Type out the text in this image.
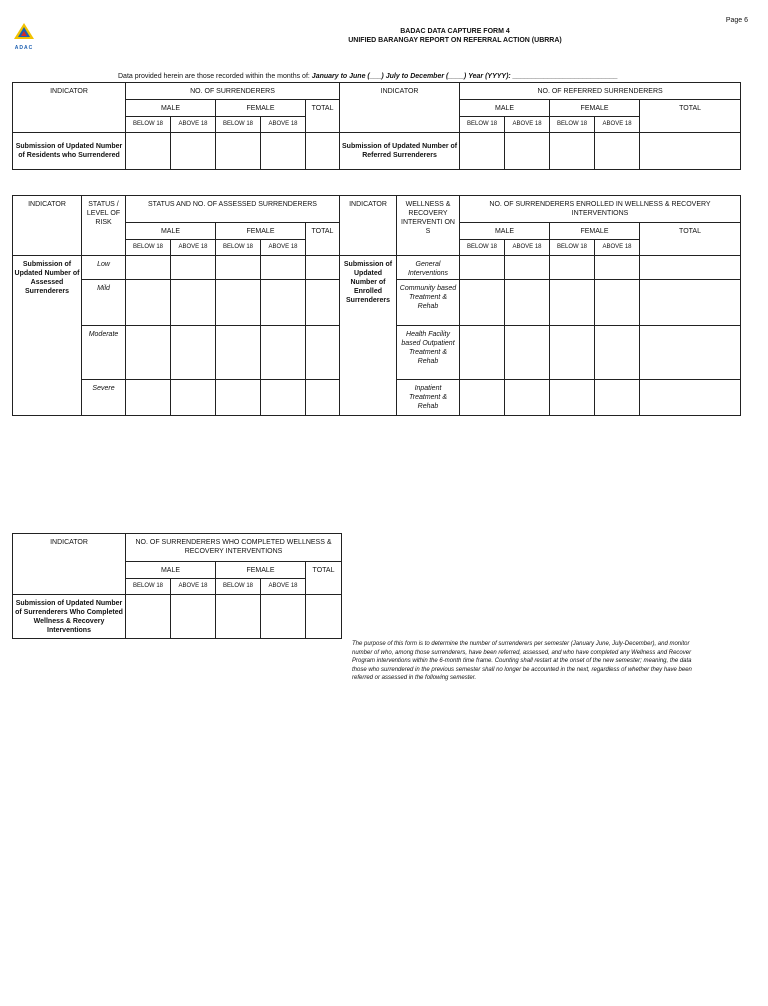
Page 6
ADAC
BADAC DATA CAPTURE FORM 4
UNIFIED BARANGAY REPORT ON REFERRAL ACTION (UBRRA)
Data provided herein are those recorded within the months of: January to June (___) July to December (____) Year (YYYY): ___________________________
INDICATOR	NO. OF SURRENDERERS					INDICATOR	NO. OF REFERRED SURRENDERERS				
	MALE		FEMALE		TOTAL		MALE		FEMALE		TOTAL
	BELOW 18	ABOVE 18	BELOW 18	ABOVE 18			BELOW 18	ABOVE 18	BELOW 18	ABOVE 18	
Submission of Updated Number of Residents who Surrendered						Submission of Updated Number of Referred Surrenderers					
INDICATOR	STATUS / LEVEL OF RISK	STATUS AND NO. OF ASSESSED SURRENDERERS					INDICATOR	WELLNESS & RECOVERY INTERVENTI ON S	NO. OF SURRENDERERS ENROLLED IN WELLNESS & RECOVERY INTERVENTIONS				
		MALE		FEMALE		TOTAL			MALE		FEMALE		TOTAL
		BELOW 18	ABOVE 18	BELOW 18	ABOVE 18				BELOW 18	ABOVE 18	BELOW 18	ABOVE 18	
Submission of Updated Number of Assessed Surrenderers	Low						Submission of Updated Number of Enrolled Surrenderers	General Interventions					
	Mild							Community based Treatment & Rehab					
	Moderate							Health Facility based Outpatient Treatment & Rehab					
	Severe							Inpatient Treatment & Rehab					
INDICATOR	NO. OF SURRENDERERS WHO COMPLETED WELLNESS & RECOVERY INTERVENTIONS				
	MALE		FEMALE		TOTAL
	BELOW 18	ABOVE 18	BELOW 18	ABOVE 18	
Submission of Updated Number of Surrenderers Who Completed Wellness & Recovery Interventions					
The purpose of this form is to determine the number of surrenderers per semester (January June, July-December), and monitor
number of who, among those surrenderers, have been referred, assessed, and who have completed any Wellness and Recover
Program interventions within the 6-month time frame. Counting shall restart at the onset of the new semester; meaning, the data
those who surrendered in the previous semester shall no longer be accounted in the next, regardless of whether they have been
referred or assessed in the following semester.
